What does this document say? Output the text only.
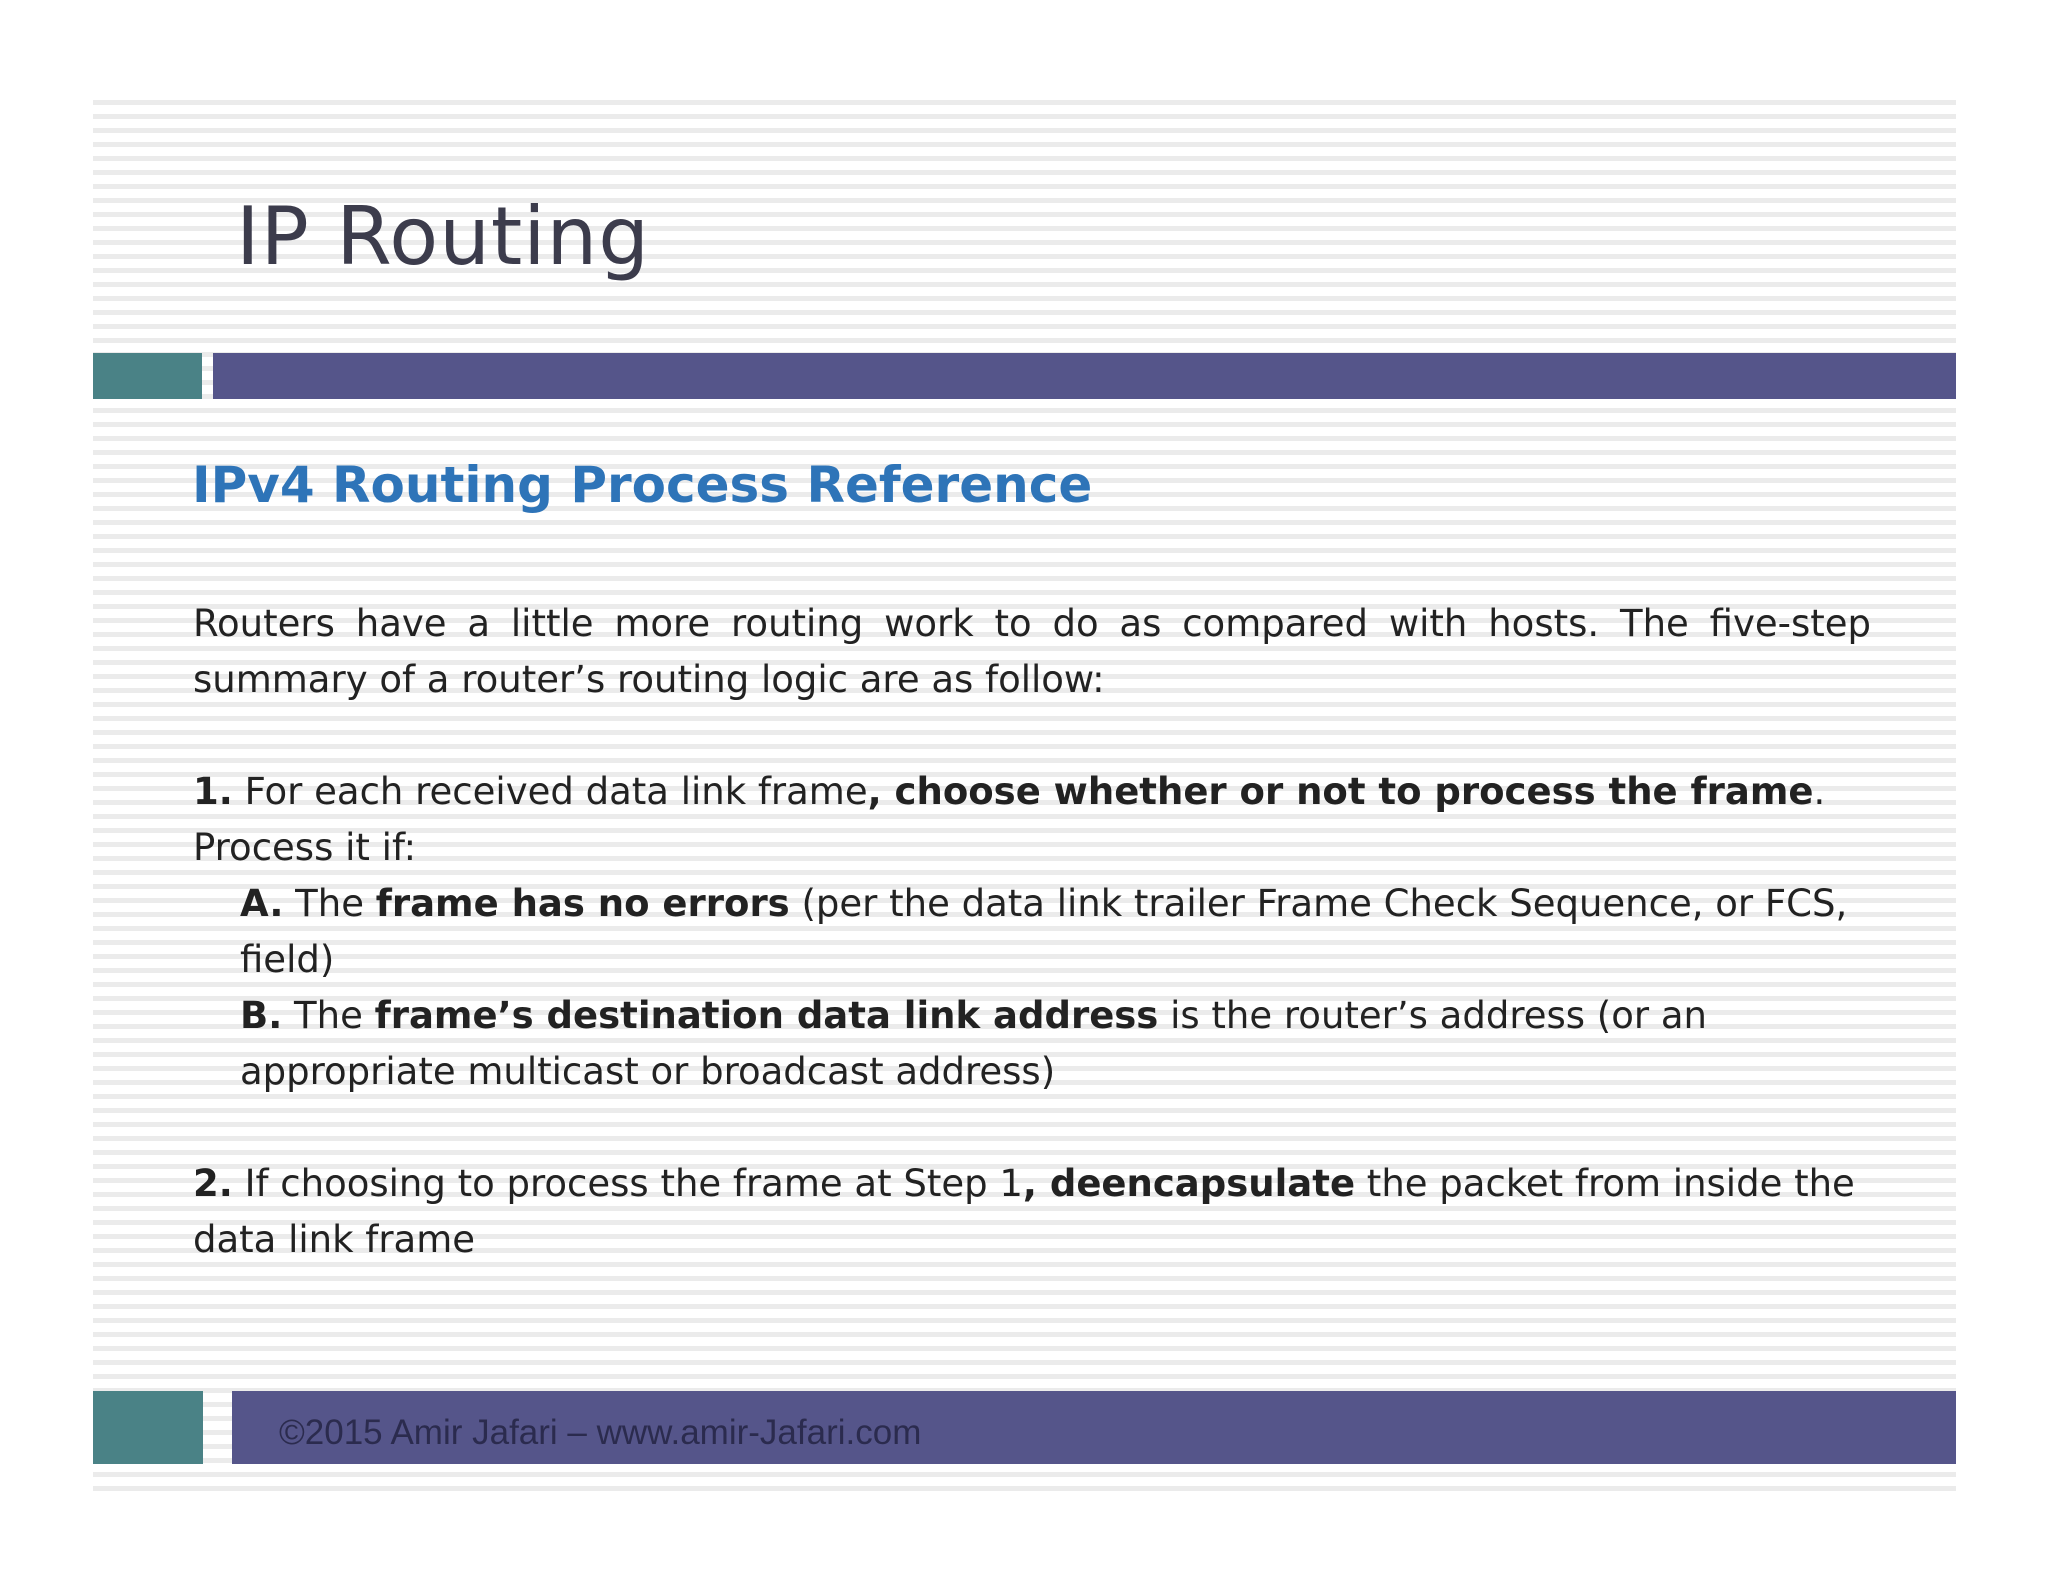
IP Routing
IPv4 Routing Process Reference

Routers have a little more routing work to do as compared with hosts. The five-step summary of a router’s routing logic are as follow:

1. For each received data link frame, choose whether or not to process the frame.

Process it if:

A. The frame has no errors (per the data link trailer Frame Check Sequence, or FCS, field)

B. The frame’s destination data link address is the router’s address (or an appropriate multicast or broadcast address)

2. If choosing to process the frame at Step 1, deencapsulate the packet from inside the data link frame

©2015 Amir Jafari – www.amir-Jafari.com
